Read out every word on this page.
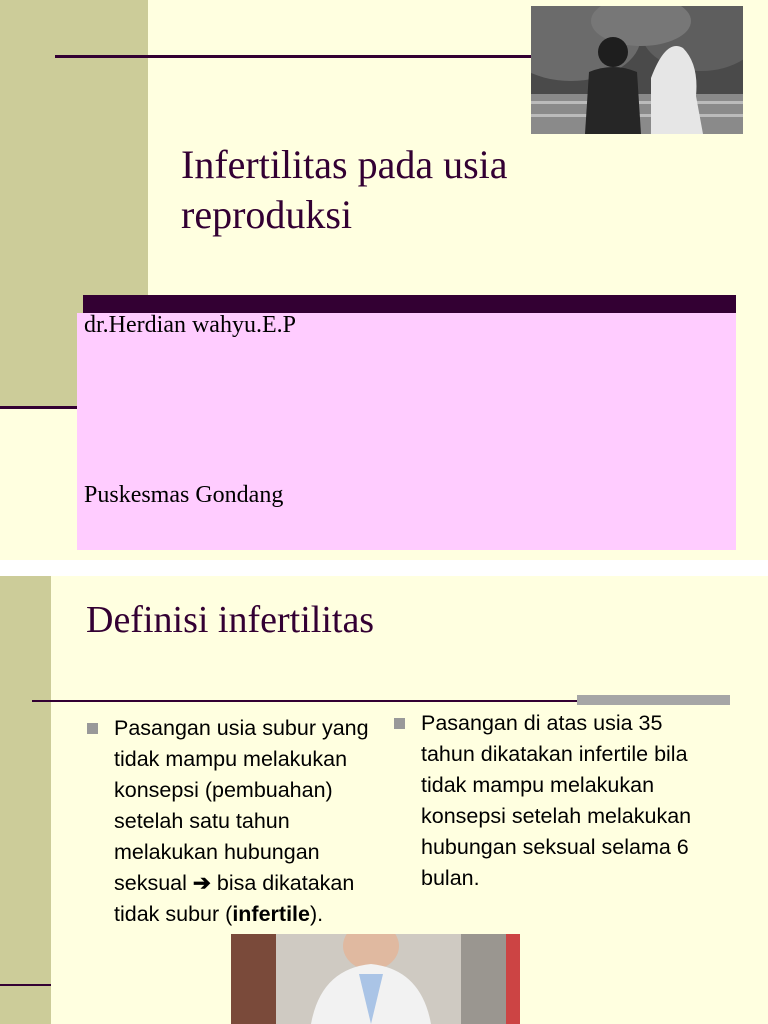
Infertilitas pada usia reproduksi
dr.Herdian wahyu.E.P
Puskesmas Gondang
Definisi infertilitas
Pasangan usia subur yang tidak mampu melakukan konsepsi (pembuahan) setelah satu tahun melakukan hubungan seksual ➔ bisa dikatakan tidak subur (infertile).
Pasangan di atas usia 35 tahun dikatakan infertile bila tidak mampu melakukan konsepsi setelah melakukan hubungan seksual selama 6 bulan.
